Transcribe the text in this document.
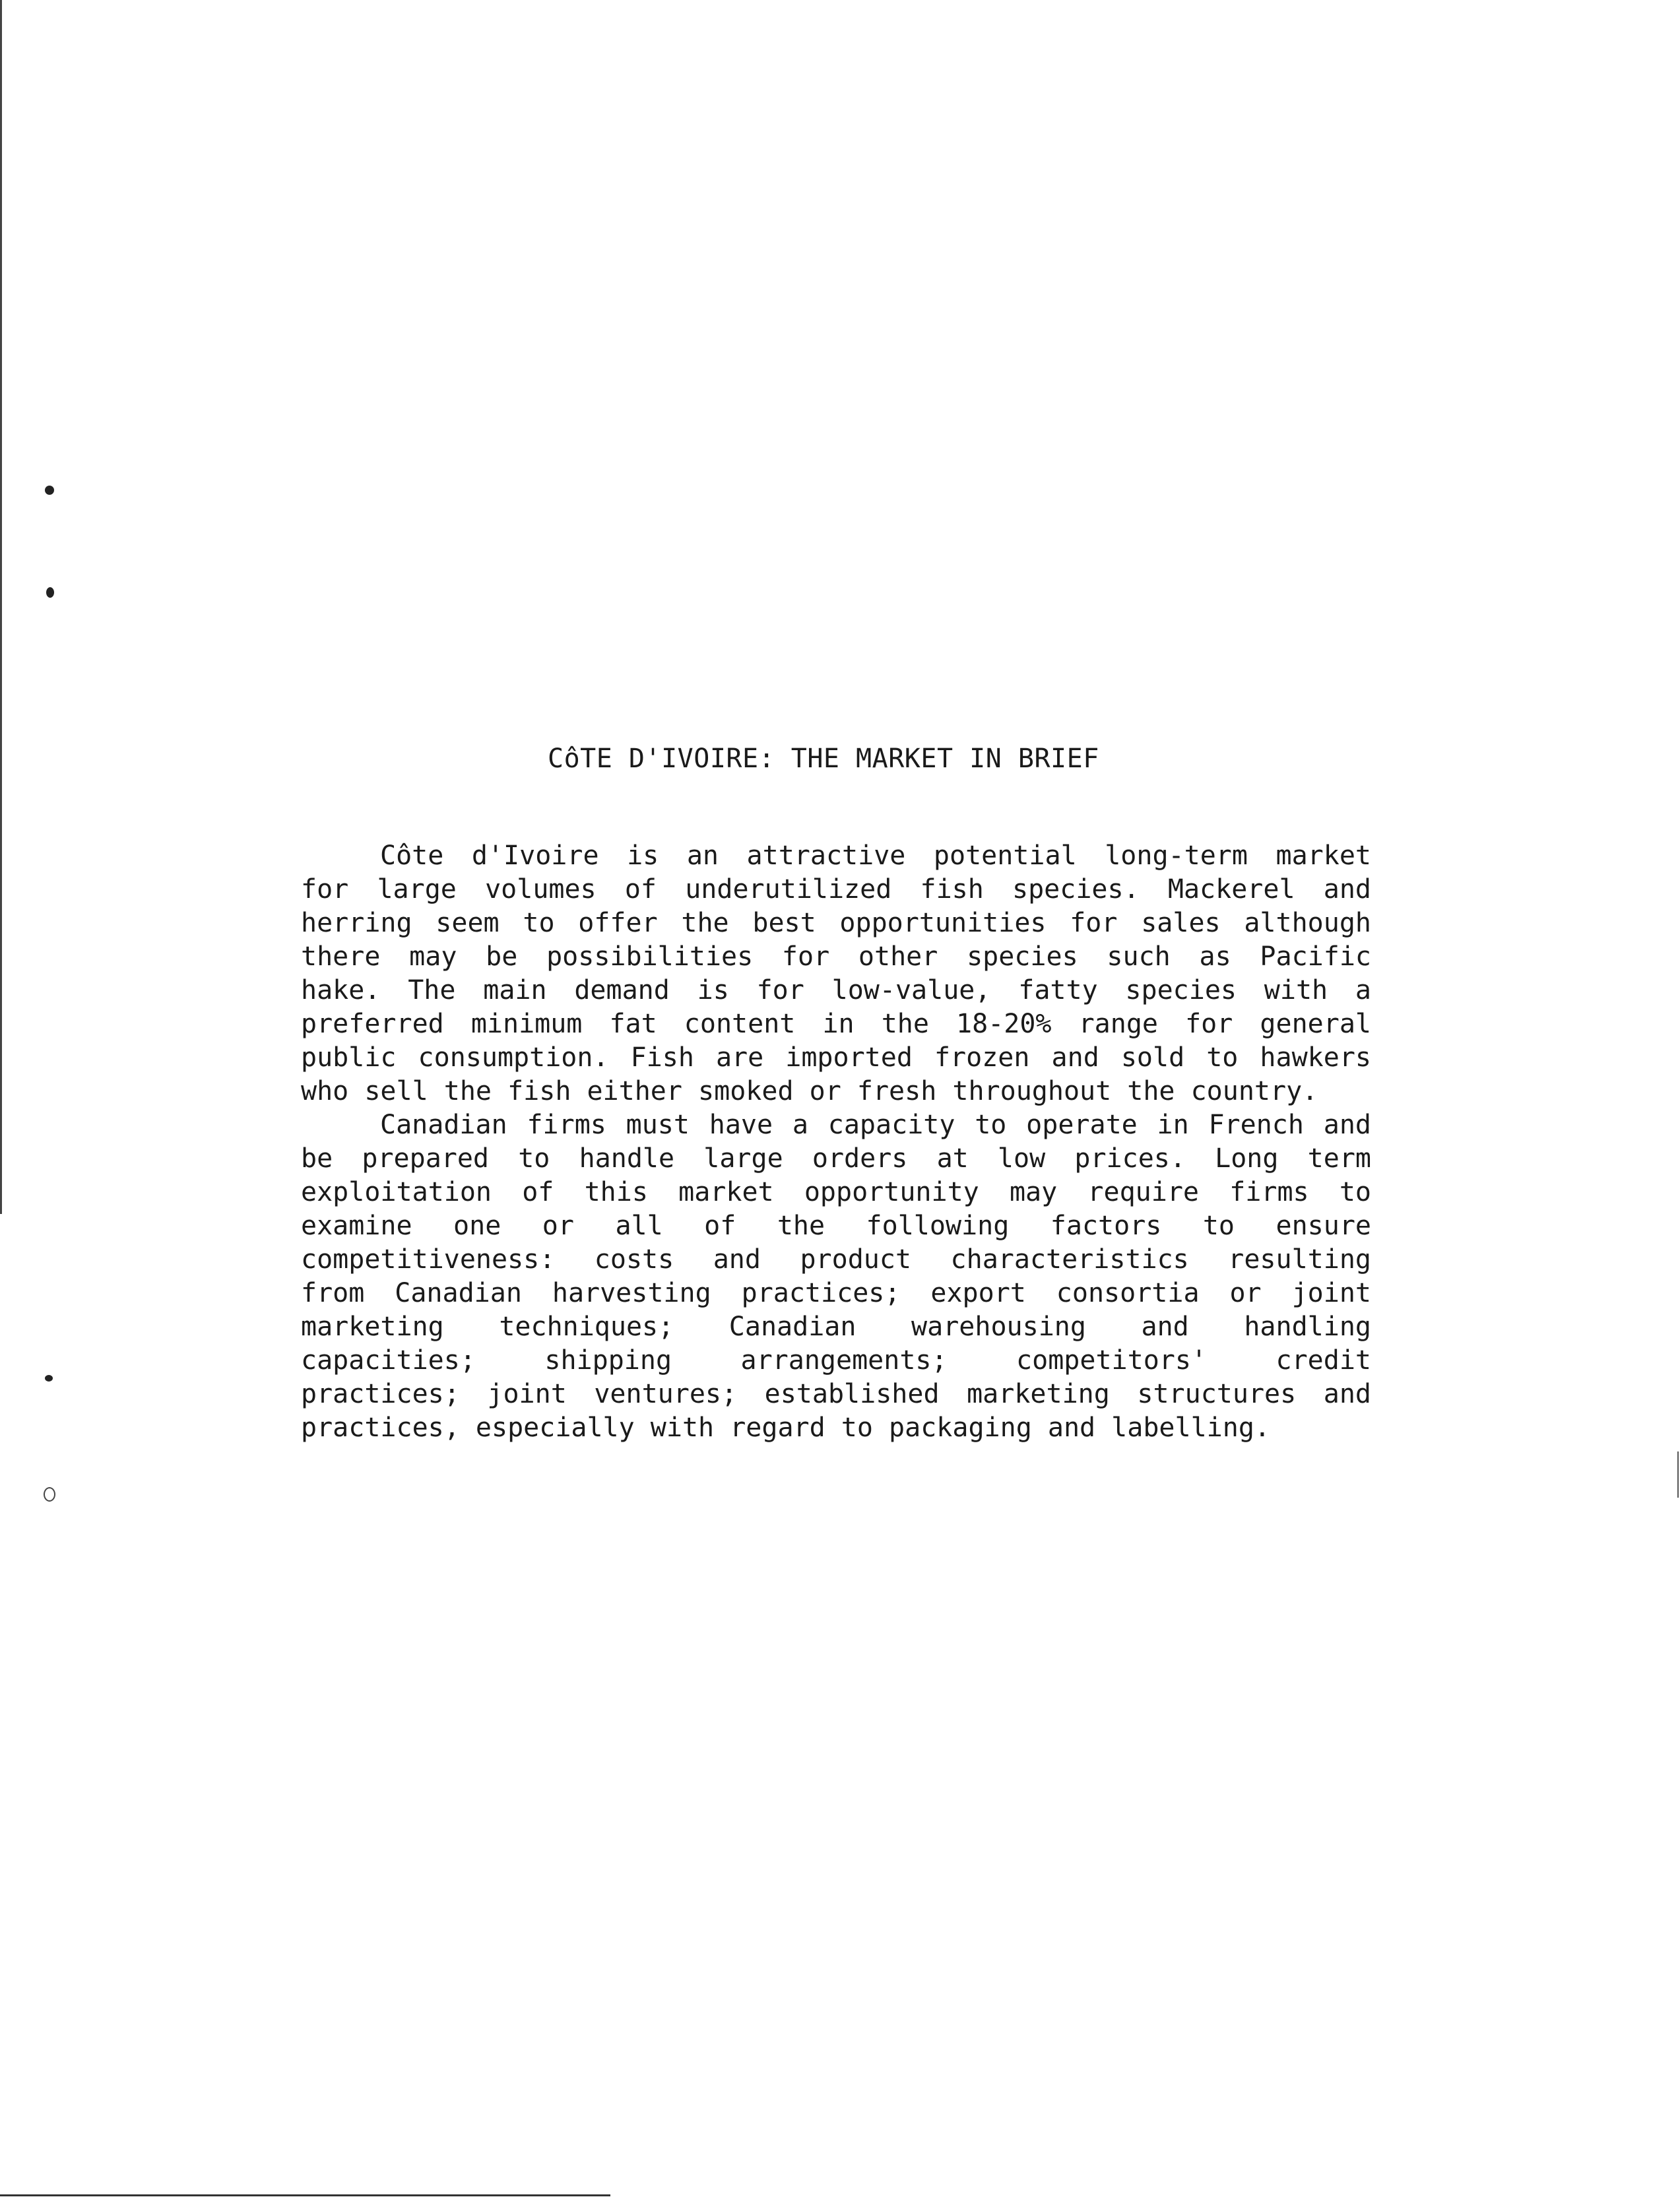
CôTE D'IVOIRE: THE MARKET IN BRIEF
Côte d'Ivoire is an attractive potential long-term market
for large volumes of underutilized fish species. Mackerel and
herring seem to offer the best opportunities for sales although
there may be possibilities for other species such as Pacific
hake. The main demand is for low-value, fatty species with a
preferred minimum fat content in the 18-20% range for general
public consumption. Fish are imported frozen and sold to hawkers
who sell the fish either smoked or fresh throughout the country.
Canadian firms must have a capacity to operate in French and
be prepared to handle large orders at low prices. Long term
exploitation of this market opportunity may require firms to
examine one or all of the following factors to ensure
competitiveness: costs and product characteristics resulting
from Canadian harvesting practices; export consortia or joint
marketing techniques; Canadian warehousing and handling
capacities; shipping arrangements; competitors' credit
practices; joint ventures; established marketing structures and
practices, especially with regard to packaging and labelling.
